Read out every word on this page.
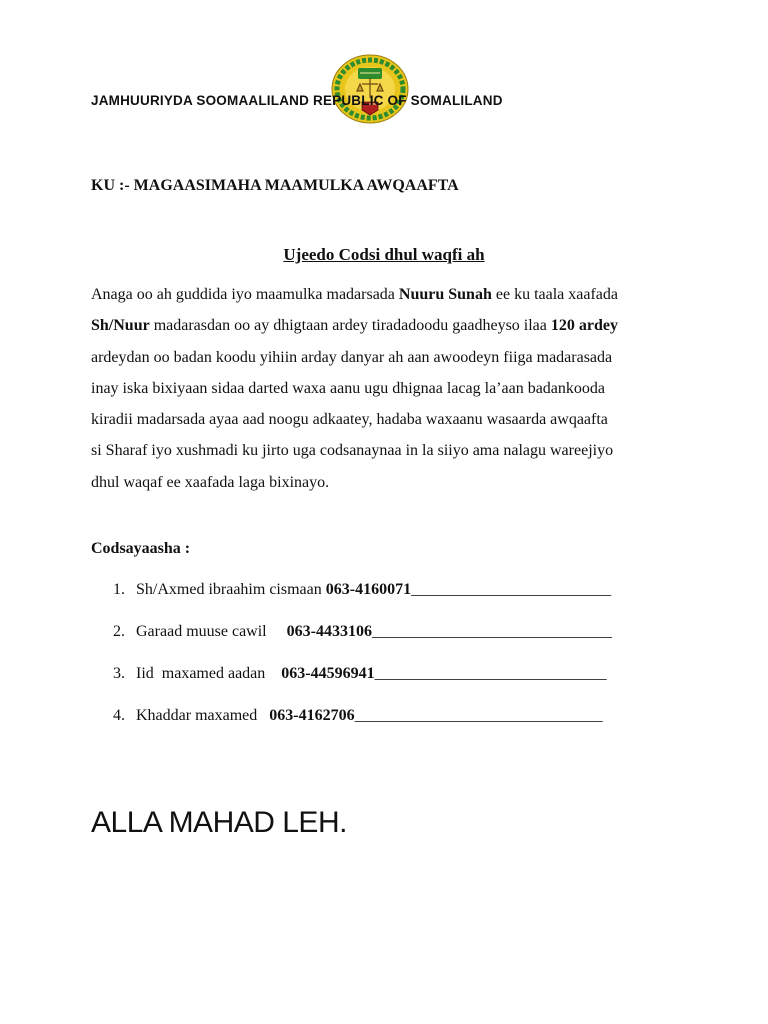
JAMHUURIYDA SOOMAALILAND REPUBLIC OF SOMALILAND
KU :- MAGAASIMAHA MAAMULKA AWQAAFTA
Ujeedo Codsi dhul waqfi ah
Anaga oo ah guddida iyo maamulka madarsada Nuuru Sunah ee ku taala xaafada
Sh/Nuur madarasdan oo ay dhigtaan ardey tiradadoodu gaadheyso ilaa 120 ardey
ardeydan oo badan koodu yihiin arday danyar ah aan awoodeyn fiiga madarasada
inay iska bixiyaan sidaa darted waxa aanu ugu dhignaa lacag la’aan badankooda
kiradii madarsada ayaa aad noogu adkaatey, hadaba waxaanu wasaarda awqaafta
si Sharaf iyo xushmadi ku jirto uga codsanaynaa in la siiyo ama nalagu wareejiyo
dhul waqaf ee xaafada laga bixinayo.
Codsayaasha :
1. Sh/Axmed ibraahim cismaan 063-4160071_________________________
2. Garaad muuse cawil     063-4433106______________________________
3. Iid  maxamed aadan    063-44596941_____________________________
4. Khaddar maxamed   063-4162706_______________________________
ALLA MAHAD LEH.
